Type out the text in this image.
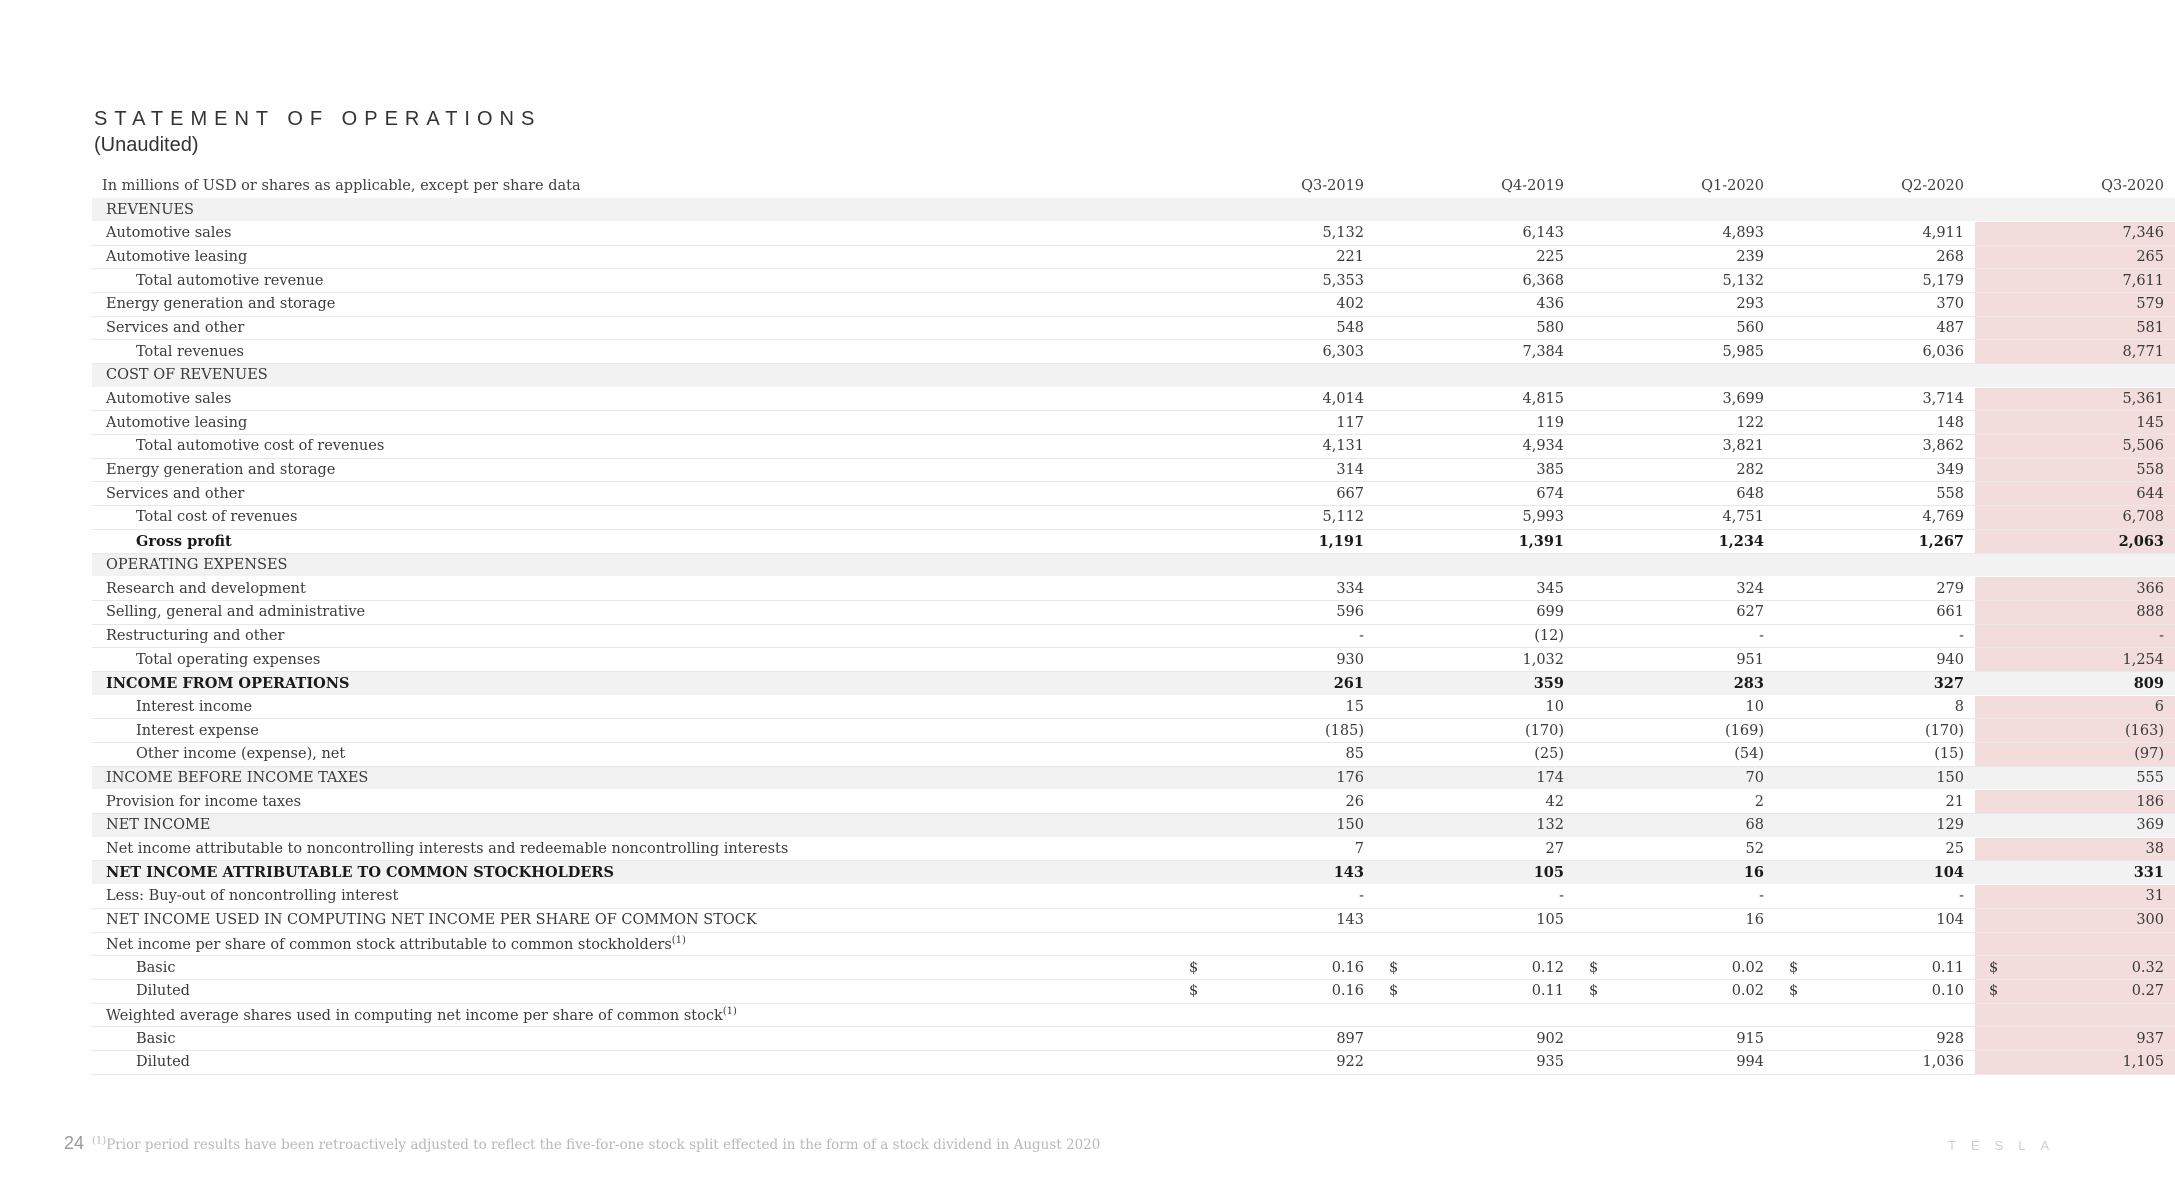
STATEMENT OF OPERATIONS
(Unaudited)
In millions of USD or shares as applicable, except per share data	Q3-2019	Q4-2019	Q1-2020	Q2-2020	Q3-2020
REVENUES					
Automotive sales	5,132	6,143	4,893	4,911	7,346
Automotive leasing	221	225	239	268	265
Total automotive revenue	5,353	6,368	5,132	5,179	7,611
Energy generation and storage	402	436	293	370	579
Services and other	548	580	560	487	581
Total revenues	6,303	7,384	5,985	6,036	8,771
COST OF REVENUES					
Automotive sales	4,014	4,815	3,699	3,714	5,361
Automotive leasing	117	119	122	148	145
Total automotive cost of revenues	4,131	4,934	3,821	3,862	5,506
Energy generation and storage	314	385	282	349	558
Services and other	667	674	648	558	644
Total cost of revenues	5,112	5,993	4,751	4,769	6,708
Gross profit	1,191	1,391	1,234	1,267	2,063
OPERATING EXPENSES					
Research and development	334	345	324	279	366
Selling, general and administrative	596	699	627	661	888
Restructuring and other	-	(12)	-	-	-
Total operating expenses	930	1,032	951	940	1,254
INCOME FROM OPERATIONS	261	359	283	327	809
Interest income	15	10	10	8	6
Interest expense	(185)	(170)	(169)	(170)	(163)
Other income (expense), net	85	(25)	(54)	(15)	(97)
INCOME BEFORE INCOME TAXES	176	174	70	150	555
Provision for income taxes	26	42	2	21	186
NET INCOME	150	132	68	129	369
Net income attributable to noncontrolling interests and redeemable noncontrolling interests	7	27	52	25	38
NET INCOME ATTRIBUTABLE TO COMMON STOCKHOLDERS	143	105	16	104	331
Less: Buy-out of noncontrolling interest	-	-	-	-	31
NET INCOME USED IN COMPUTING NET INCOME PER SHARE OF COMMON STOCK	143	105	16	104	300
Net income per share of common stock attributable to common stockholders$^{(1)}$					
Basic	$ 0.16	$ 0.12	$ 0.02	$ 0.11	$ 0.32
Diluted	$ 0.16	$ 0.11	$ 0.02	$ 0.10	$ 0.27
Weighted average shares used in computing net income per share of common stock$^{(1)}$					
Basic	897	902	915	928	937
Diluted	922	935	994	1,036	1,105
24 $^{(1)}$Prior period results have been retroactively adjusted to reflect the five-for-one stock split effected in the form of a stock dividend in August 2020	TESLA
